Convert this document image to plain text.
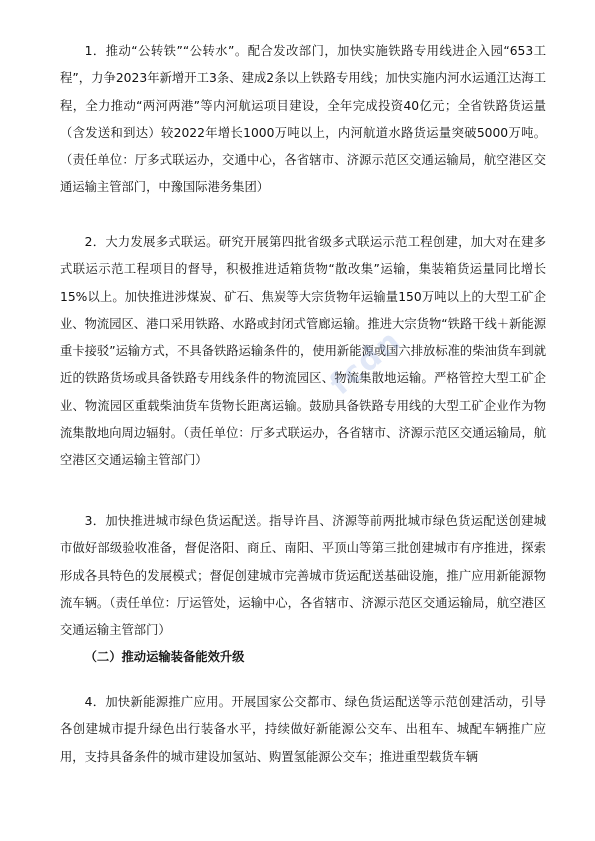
1．推动“公转铁”“公转水”。配合发改部门，加快实施铁路专用线进企入园“653工程”，力争2023年新增开工3条、建成2条以上铁路专用线；加快实施内河水运通江达海工程，全力推动“两河两港”等内河航运项目建设，全年完成投资40亿元；全省铁路货运量（含发送和到达）较2022年增长1000万吨以上，内河航道水路货运量突破5000万吨。（责任单位：厅多式联运办，交通中心，各省辖市、济源示范区交通运输局，航空港区交通运输主管部门，中豫国际港务集团）

2．大力发展多式联运。研究开展第四批省级多式联运示范工程创建，加大对在建多式联运示范工程项目的督导，积极推进适箱货物“散改集”运输，集装箱货运量同比增长15%以上。加快推进涉煤炭、矿石、焦炭等大宗货物年运输量150万吨以上的大型工矿企业、物流园区、港口采用铁路、水路或封闭式管廊运输。推进大宗货物“铁路干线＋新能源重卡接驳”运输方式，不具备铁路运输条件的，使用新能源或国六排放标准的柴油货车到就近的铁路货场或具备铁路专用线条件的物流园区、物流集散地运输。严格管控大型工矿企业、物流园区重载柴油货车货物长距离运输。鼓励具备铁路专用线的大型工矿企业作为物流集散地向周边辐射。（责任单位：厅多式联运办，各省辖市、济源示范区交通运输局，航空港区交通运输主管部门）

3．加快推进城市绿色货运配送。指导许昌、济源等前两批城市绿色货运配送创建城市做好部级验收准备，督促洛阳、商丘、南阳、平顶山等第三批创建城市有序推进，探索形成各具特色的发展模式；督促创建城市完善城市货运配送基础设施，推广应用新能源物流车辆。（责任单位：厅运管处，运输中心，各省辖市、济源示范区交通运输局，航空港区交通运输主管部门）

（二）推动运输装备能效升级

4．加快新能源推广应用。开展国家公交都市、绿色货运配送等示范创建活动，引导各创建城市提升绿色出行装备水平，持续做好新能源公交车、出租车、城配车辆推广应用，支持具备条件的城市建设加氢站、购置氢能源公交车；推进重型载货车辆

fcdn
